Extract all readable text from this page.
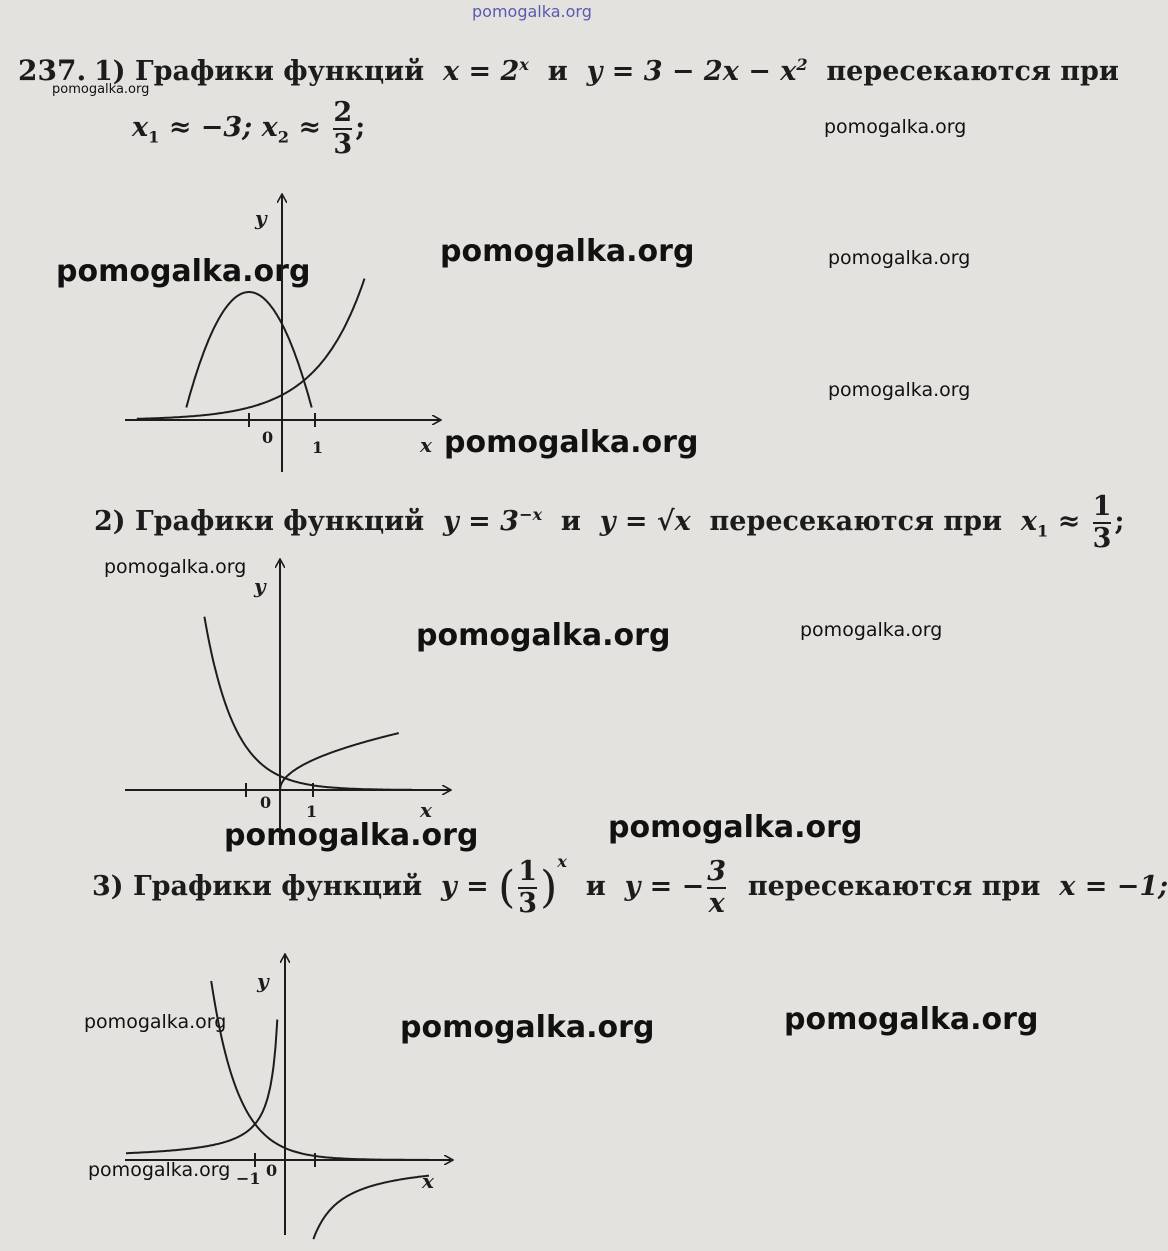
pomogalka.org
pomogalka.org
pomogalka.org
pomogalka.org
pomogalka.org	pomogalka.org
pomogalka.org
pomogalka.org
pomogalka.org
pomogalka.org	pomogalka.org
pomogalka.org	pomogalka.org
pomogalka.org	pomogalka.org	pomogalka.org
pomogalka.org
237. 1) Графики функций $x = 2^x$ и $y = 3 - 2x - x^2$ пересекаются при
$x_1 \approx -3$; $x_2 \approx \frac{2}{3}$ ;
2) Графики функций $y = 3^{-x}$ и y = √x пересекаются при $x_1 \approx \frac{1}{3}$ ;
3) Графики функций y = ( $\frac{1}{3} )^x$  и y = − $\frac{3}{x}$ пересекаются при x = −1;
y
x
0
1
y
x
0 1
y
x
0
−1
